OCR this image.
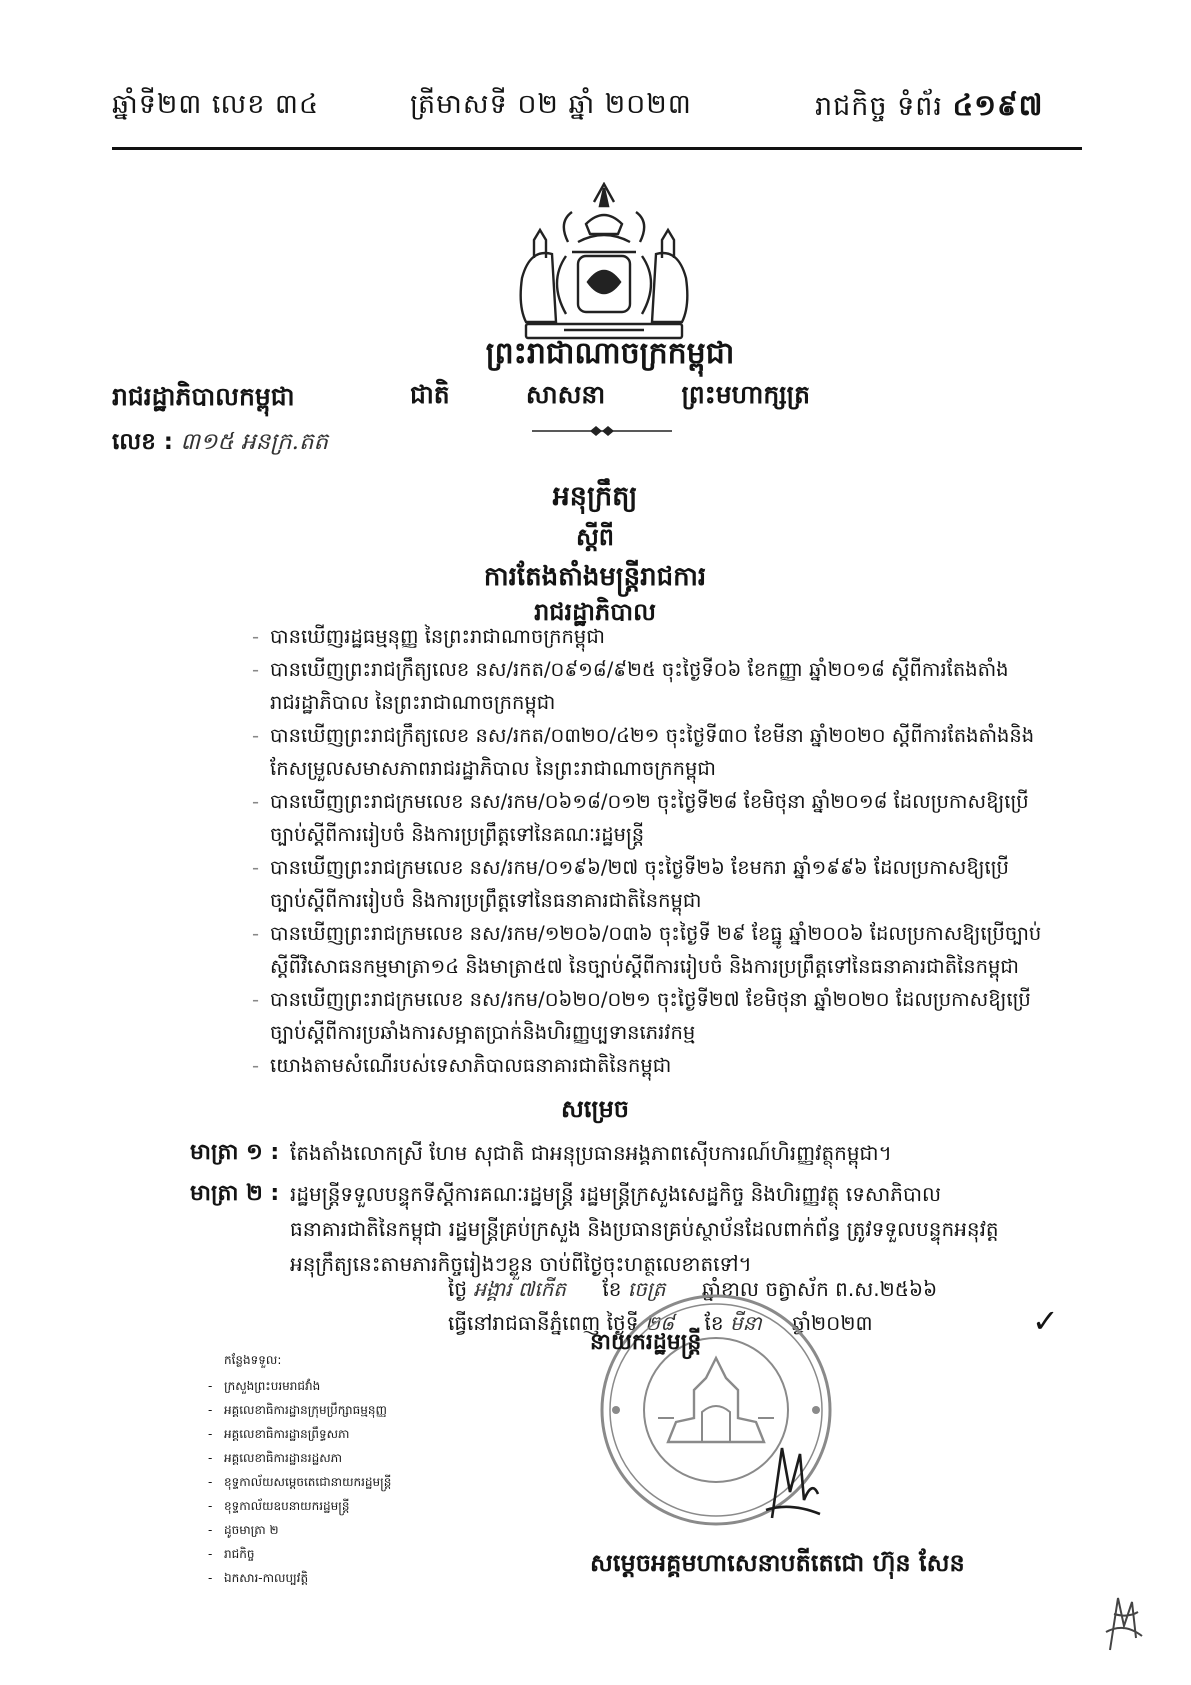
ឆ្នាំទី២៣ លេខ ៣៤	ត្រីមាសទី ០២ ឆ្នាំ ២០២៣	រាជកិច្ច ទំព័រ ៤១៩៧
ព្រះរាជាណាចក្រកម្ពុជា
ជាតិ	សាសនា	ព្រះមហាក្សត្រ
រាជរដ្ឋាភិបាលកម្ពុជា
លេខ : ៣១៥ អនក្រ.តត
អនុក្រឹត្យ
ស្តីពី
ការតែងតាំងមន្ត្រីរាជការ
រាជរដ្ឋាភិបាល
- បានឃើញរដ្ឋធម្មនុញ្ញ នៃព្រះរាជាណាចក្រកម្ពុជា
- បានឃើញព្រះរាជក្រឹត្យលេខ នស/រកត/០៩១៨/៩២៥ ចុះថ្ងៃទី០៦ ខែកញ្ញា ឆ្នាំ២០១៨ ស្តីពីការតែងតាំង
រាជរដ្ឋាភិបាល នៃព្រះរាជាណាចក្រកម្ពុជា
- បានឃើញព្រះរាជក្រឹត្យលេខ នស/រកត/០៣២០/៤២១ ចុះថ្ងៃទី៣០ ខែមីនា ឆ្នាំ២០២០ ស្តីពីការតែងតាំងនិង
កែសម្រួលសមាសភាពរាជរដ្ឋាភិបាល នៃព្រះរាជាណាចក្រកម្ពុជា
- បានឃើញព្រះរាជក្រមលេខ នស/រកម/០៦១៨/០១២ ចុះថ្ងៃទី២៨ ខែមិថុនា ឆ្នាំ២០១៨ ដែលប្រកាសឱ្យប្រើ
ច្បាប់ស្តីពីការរៀបចំ និងការប្រព្រឹត្តទៅនៃគណៈរដ្ឋមន្ត្រី
- បានឃើញព្រះរាជក្រមលេខ នស/រកម/០១៩៦/២៧ ចុះថ្ងៃទី២៦ ខែមករា ឆ្នាំ១៩៩៦ ដែលប្រកាសឱ្យប្រើ
ច្បាប់ស្តីពីការរៀបចំ និងការប្រព្រឹត្តទៅនៃធនាគារជាតិនៃកម្ពុជា
- បានឃើញព្រះរាជក្រមលេខ នស/រកម/១២០៦/០៣៦ ចុះថ្ងៃទី ២៩ ខែធ្នូ ឆ្នាំ២០០៦ ដែលប្រកាសឱ្យប្រើច្បាប់
ស្តីពីវិសោធនកម្មមាត្រា១៤ និងមាត្រា៥៧ នៃច្បាប់ស្តីពីការរៀបចំ និងការប្រព្រឹត្តទៅនៃធនាគារជាតិនៃកម្ពុជា
- បានឃើញព្រះរាជក្រមលេខ នស/រកម/០៦២០/០២១ ចុះថ្ងៃទី២៧ ខែមិថុនា ឆ្នាំ២០២០ ដែលប្រកាសឱ្យប្រើ
ច្បាប់ស្តីពីការប្រឆាំងការសម្អាតប្រាក់និងហិរញ្ញប្បទានភេរវកម្ម
- យោងតាមសំណើរបស់ទេសាភិបាលធនាគារជាតិនៃកម្ពុជា
សម្រេច
មាត្រា ១ : តែងតាំងលោកស្រី ហែម សុជាតិ ជាអនុប្រធានអង្គភាពស៊ើបការណ៍ហិរញ្ញវត្ថុកម្ពុជា។
មាត្រា ២ : រដ្ឋមន្ត្រីទទួលបន្ទុកទីស្តីការគណៈរដ្ឋមន្ត្រី រដ្ឋមន្ត្រីក្រសួងសេដ្ឋកិច្ច និងហិរញ្ញវត្ថុ ទេសាភិបាល
ធនាគារជាតិនៃកម្ពុជា រដ្ឋមន្ត្រីគ្រប់ក្រសួង និងប្រធានគ្រប់ស្ថាប័នដែលពាក់ព័ន្ធ ត្រូវទទួលបន្ទុកអនុវត្ត
អនុក្រឹត្យនេះតាមភារកិច្ចរៀងៗខ្លួន ចាប់ពីថ្ងៃចុះហត្ថលេខាតទៅ។
ថ្ងៃ អង្គារ ៧កើត ខែ ចេត្រ ឆ្នាំខាល ចត្វាស័ក ព.ស.២៥៦៦
ធ្វើនៅរាជធានីភ្នំពេញ ថ្ងៃទី ២៨ ខែ មីនា ឆ្នាំ២០២៣	✓
នាយករដ្ឋមន្ត្រី
សម្តេចអគ្គមហាសេនាបតីតេជោ ហ៊ុន សែន
កន្លែងទទួល:
- ក្រសួងព្រះបរមរាជវាំង
- អគ្គលេខាធិការដ្ឋានក្រុមប្រឹក្សាធម្មនុញ្ញ
- អគ្គលេខាធិការដ្ឋានព្រឹទ្ធសភា
- អគ្គលេខាធិការដ្ឋានរដ្ឋសភា
- ខុទ្ទកាល័យសម្តេចតេជោនាយករដ្ឋមន្ត្រី
- ខុទ្ទកាល័យឧបនាយករដ្ឋមន្ត្រី
- ដូចមាត្រា ២
- រាជកិច្ច
- ឯកសារ-កាលប្បវត្តិ
